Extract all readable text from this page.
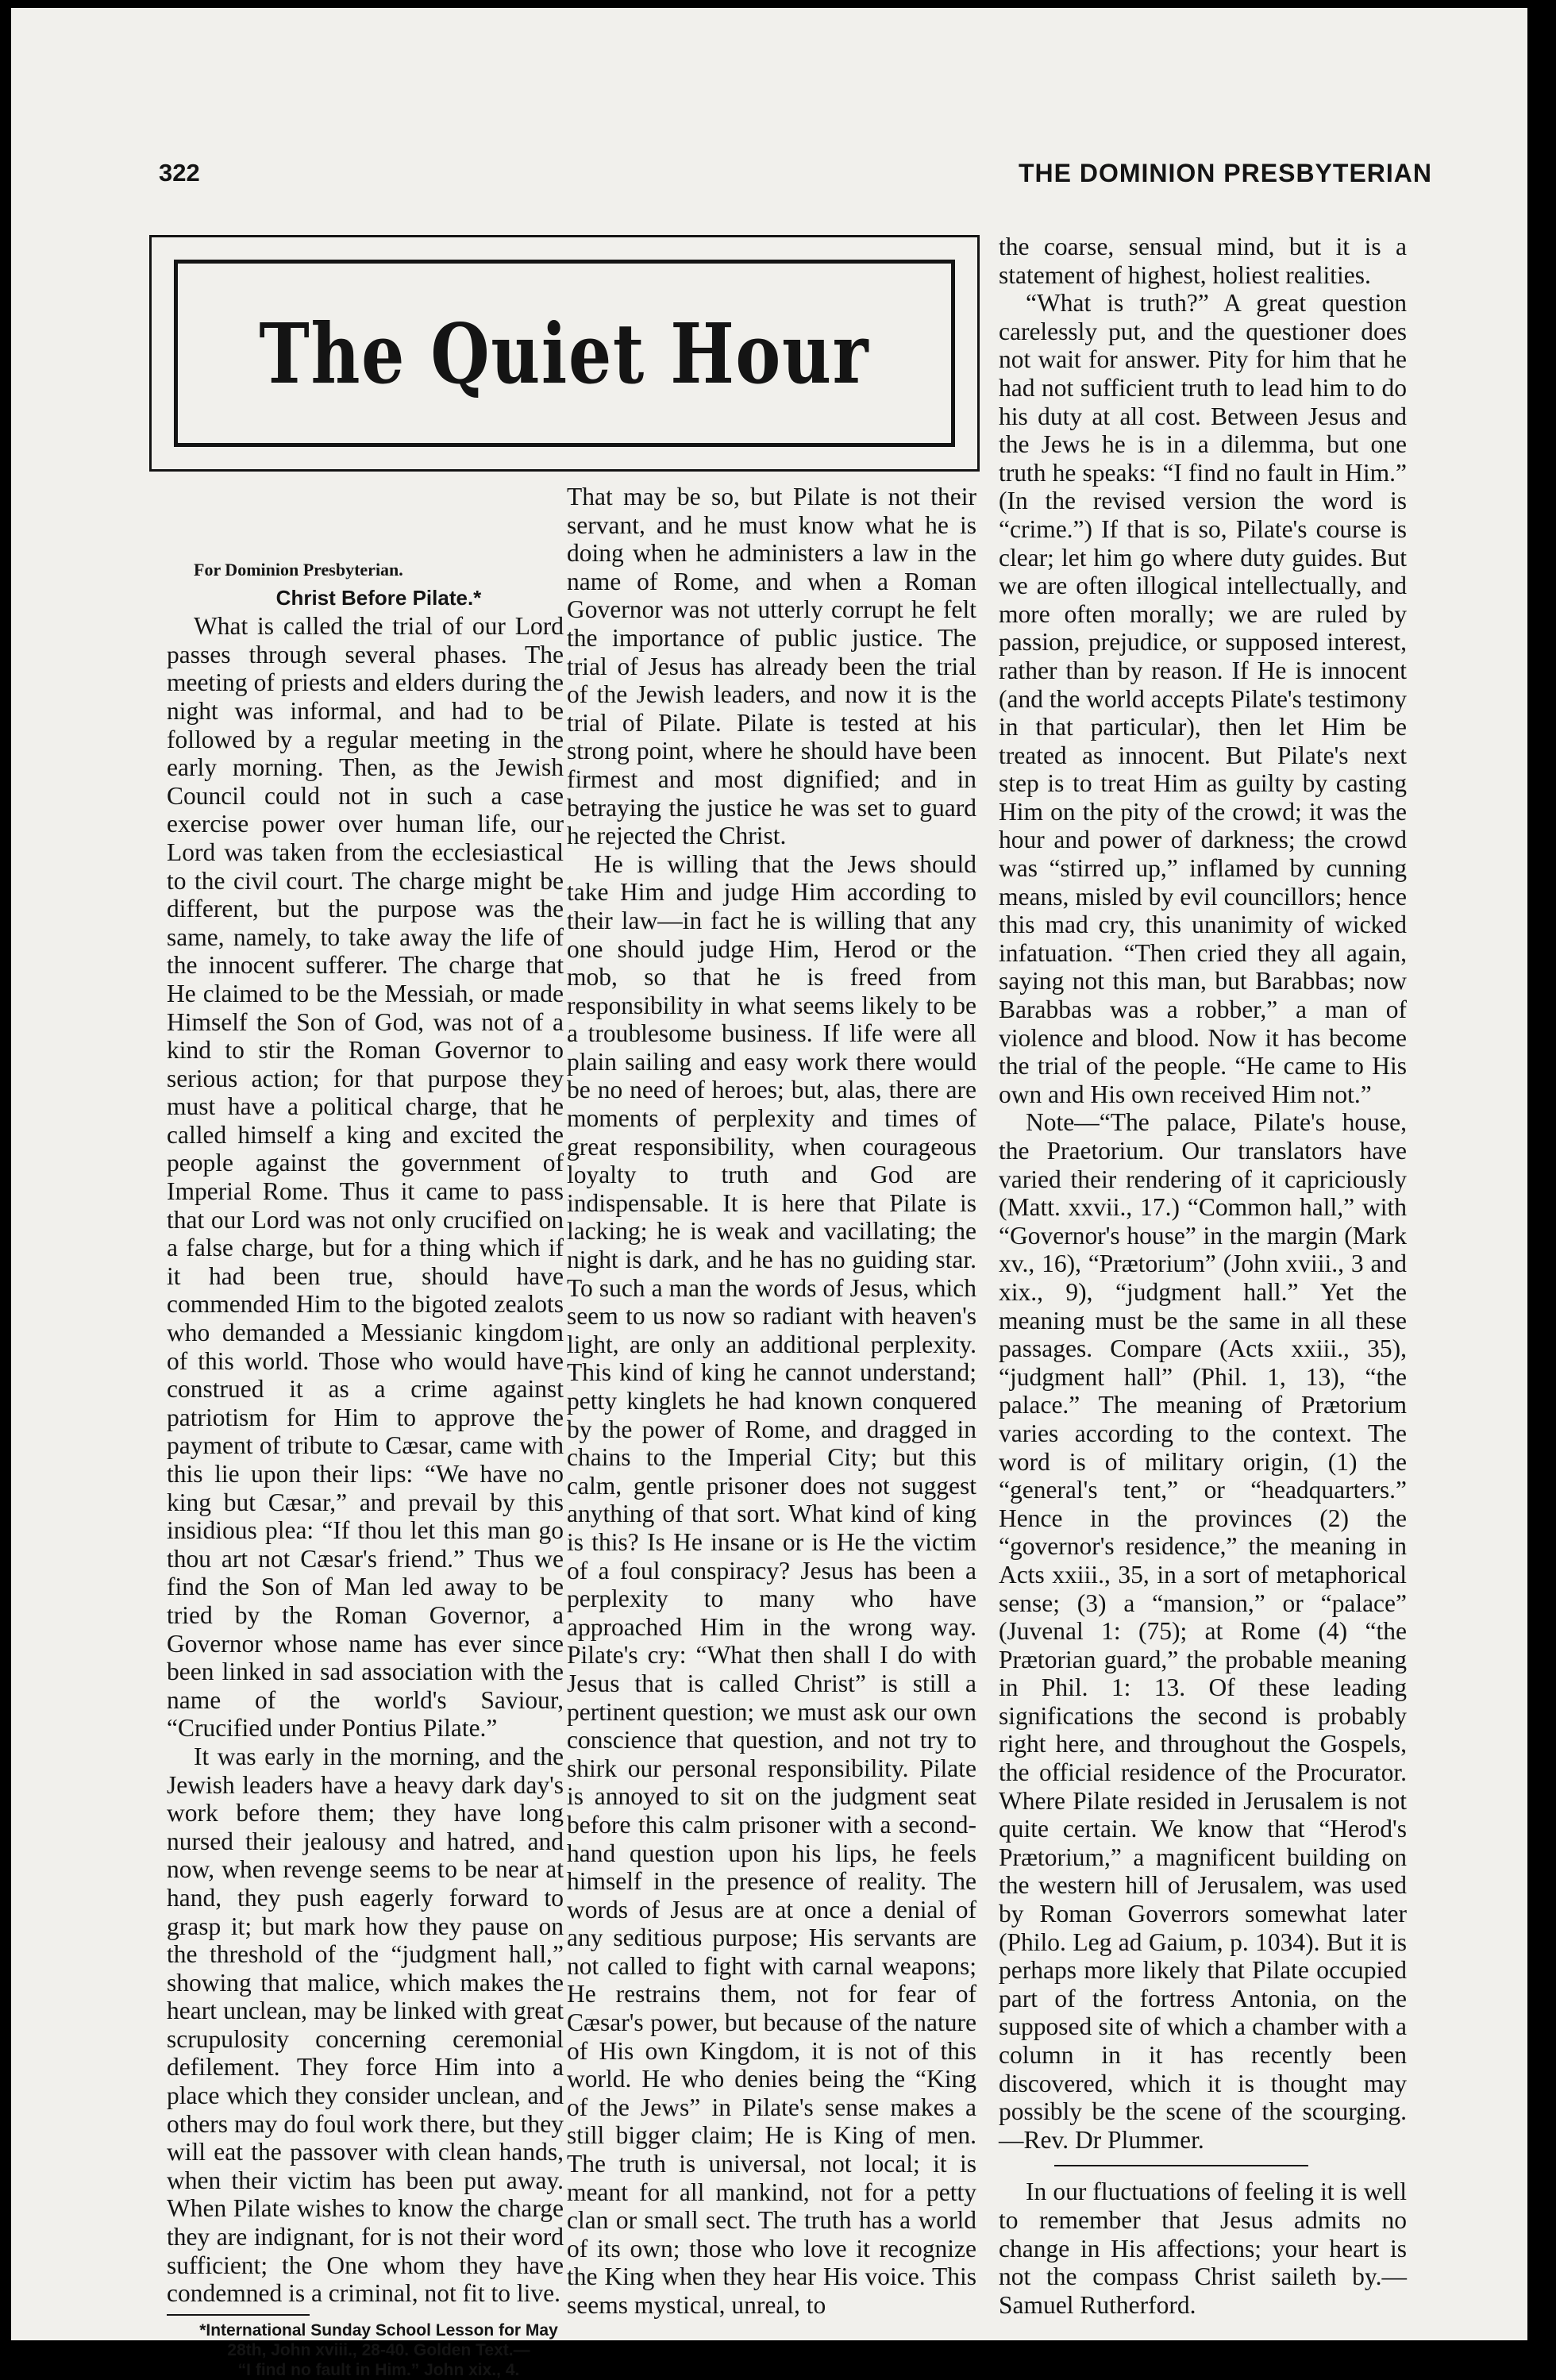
322	THE DOMINION PRESBYTERIAN
The Quiet Hour

For Dominion Presbyterian.

Christ Before Pilate.*

What is called the trial of our Lord passes through several phases. The meeting of priests and elders during the night was informal, and had to be followed by a regular meeting in the early morning. Then, as the Jewish Council could not in such a case exercise power over human life, our Lord was taken from the ecclesiastical to the civil court. The charge might be different, but the purpose was the same, namely, to take away the life of the innocent sufferer. The charge that He claimed to be the Messiah, or made Himself the Son of God, was not of a kind to stir the Roman Governor to serious action; for that purpose they must have a political charge, that he called himself a king and excited the people against the government of Imperial Rome. Thus it came to pass that our Lord was not only crucified on a false charge, but for a thing which if it had been true, should have commended Him to the bigoted zealots who demanded a Messianic kingdom of this world. Those who would have construed it as a crime against patriotism for Him to approve the payment of tribute to Cæsar, came with this lie upon their lips: “We have no king but Cæsar,” and prevail by this insidious plea: “If thou let this man go thou art not Cæsar's friend.” Thus we find the Son of Man led away to be tried by the Roman Governor, a Governor whose name has ever since been linked in sad association with the name of the world's Saviour, “Crucified under Pontius Pilate.”

It was early in the morning, and the Jewish leaders have a heavy dark day's work before them; they have long nursed their jealousy and hatred, and now, when revenge seems to be near at hand, they push eagerly forward to grasp it; but mark how they pause on the threshold of the “judgment hall,” showing that malice, which makes the heart unclean, may be linked with great scrupulosity concerning ceremonial defilement. They force Him into a place which they consider unclean, and others may do foul work there, but they will eat the passover with clean hands, when their victim has been put away. When Pilate wishes to know the charge they are indignant, for is not their word sufficient; the One whom they have condemned is a criminal, not fit to live.

*International Sunday School Lesson for May
28th, John xviii., 28-40. Golden Text.—
“I find no fault in Him.” John xix., 4.

That may be so, but Pilate is not their servant, and he must know what he is doing when he administers a law in the name of Rome, and when a Roman Governor was not utterly corrupt he felt the importance of public justice. The trial of Jesus has already been the trial of the Jewish leaders, and now it is the trial of Pilate. Pilate is tested at his strong point, where he should have been firmest and most dignified; and in betraying the justice he was set to guard he rejected the Christ.

He is willing that the Jews should take Him and judge Him according to their law—in fact he is willing that any one should judge Him, Herod or the mob, so that he is freed from responsibility in what seems likely to be a troublesome business. If life were all plain sailing and easy work there would be no need of heroes; but, alas, there are moments of perplexity and times of great responsibility, when courageous loyalty to truth and God are indispensable. It is here that Pilate is lacking; he is weak and vacillating; the night is dark, and he has no guiding star. To such a man the words of Jesus, which seem to us now so radiant with heaven's light, are only an additional perplexity. This kind of king he cannot understand; petty kinglets he had known conquered by the power of Rome, and dragged in chains to the Imperial City; but this calm, gentle prisoner does not suggest anything of that sort. What kind of king is this? Is He insane or is He the victim of a foul conspiracy? Jesus has been a perplexity to many who have approached Him in the wrong way. Pilate's cry: “What then shall I do with Jesus that is called Christ” is still a pertinent question; we must ask our own conscience that question, and not try to shirk our personal responsibility. Pilate is annoyed to sit on the judgment seat before this calm prisoner with a second-hand question upon his lips, he feels himself in the presence of reality. The words of Jesus are at once a denial of any seditious purpose; His servants are not called to fight with carnal weapons; He restrains them, not for fear of Cæsar's power, but because of the nature of His own Kingdom, it is not of this world. He who denies being the “King of the Jews” in Pilate's sense makes a still bigger claim; He is King of men. The truth is universal, not local; it is meant for all mankind, not for a petty clan or small sect. The truth has a world of its own; those who love it recognize the King when they hear His voice. This seems mystical, unreal, to

the coarse, sensual mind, but it is a statement of highest, holiest realities.

“What is truth?” A great question carelessly put, and the questioner does not wait for answer. Pity for him that he had not sufficient truth to lead him to do his duty at all cost. Between Jesus and the Jews he is in a dilemma, but one truth he speaks: “I find no fault in Him.” (In the revised version the word is “crime.”) If that is so, Pilate's course is clear; let him go where duty guides. But we are often illogical intellectually, and more often morally; we are ruled by passion, prejudice, or supposed interest, rather than by reason. If He is innocent (and the world accepts Pilate's testimony in that particular), then let Him be treated as innocent. But Pilate's next step is to treat Him as guilty by casting Him on the pity of the crowd; it was the hour and power of darkness; the crowd was “stirred up,” inflamed by cunning means, misled by evil councillors; hence this mad cry, this unanimity of wicked infatuation. “Then cried they all again, saying not this man, but Barabbas; now Barabbas was a robber,” a man of violence and blood. Now it has become the trial of the people. “He came to His own and His own received Him not.”

Note—“The palace, Pilate's house, the Praetorium. Our translators have varied their rendering of it capriciously (Matt. xxvii., 17.) “Common hall,” with “Governor's house” in the margin (Mark xv., 16), “Prætorium” (John xviii., 3 and xix., 9), “judgment hall.” Yet the meaning must be the same in all these passages. Compare (Acts xxiii., 35), “judgment hall” (Phil. 1, 13), “the palace.” The meaning of Prætorium varies according to the context. The word is of military origin, (1) the “general's tent,” or “headquarters.” Hence in the provinces (2) the “governor's residence,” the meaning in Acts xxiii., 35, in a sort of metaphorical sense; (3) a “mansion,” or “palace” (Juvenal 1: (75); at Rome (4) “the Prætorian guard,” the probable meaning in Phil. 1: 13. Of these leading significations the second is probably right here, and throughout the Gospels, the official residence of the Procurator. Where Pilate resided in Jerusalem is not quite certain. We know that “Herod's Prætorium,” a magnificent building on the western hill of Jerusalem, was used by Roman Goverrors somewhat later (Philo. Leg ad Gaium, p. 1034). But it is perhaps more likely that Pilate occupied part of the fortress Antonia, on the supposed site of which a chamber with a column in it has recently been discovered, which it is thought may possibly be the scene of the scourging.—Rev. Dr Plummer.

In our fluctuations of feeling it is well to remember that Jesus admits no change in His affections; your heart is not the compass Christ saileth by.—Samuel Rutherford.
